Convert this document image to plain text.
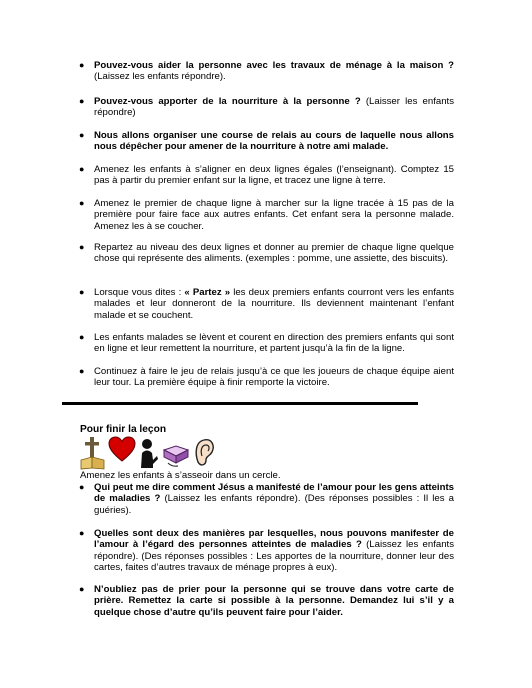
● Pouvez-vous aider la personne avec les travaux de ménage à la maison ? (Laissez les enfants répondre).
● Pouvez-vous apporter de la nourriture à la personne ? (Laisser les enfants répondre)
● Nous allons organiser une course de relais au cours de laquelle nous allons nous dépêcher pour amener de la nourriture à notre ami malade.
● Amenez les enfants à s’aligner en deux lignes égales (l’enseignant). Comptez 15 pas à partir du premier enfant sur la ligne, et tracez une ligne à terre.
● Amenez le premier de chaque ligne à marcher sur la ligne tracée à 15 pas de la première pour faire face aux autres enfants. Cet enfant sera la personne malade. Amenez les à se coucher.
● Repartez au niveau des deux lignes et donner au premier de chaque ligne quelque chose qui représente des aliments. (exemples : pomme, une assiette, des biscuits).
● Lorsque vous dites : « Partez » les deux premiers enfants courront vers les enfants malades et leur donneront de la nourriture. Ils deviennent maintenant l’enfant malade et se couchent.
● Les enfants malades se lèvent et courent en direction des premiers enfants qui sont en ligne et leur remettent la nourriture, et partent jusqu’à la fin de la ligne.
● Continuez à faire le jeu de relais jusqu’à ce que les joueurs de chaque équipe aient leur tour. La première équipe à finir remporte la victoire.
Pour finir la leçon
Amenez les enfants à s’asseoir dans un cercle.
● Qui peut me dire comment Jésus a manifesté de l’amour pour les gens atteints de maladies ? (Laissez les enfants répondre). (Des réponses possibles : Il les a guéries).
● Quelles sont deux des manières par lesquelles, nous pouvons manifester de l’amour à l’égard des personnes atteintes de maladies ? (Laissez les enfants répondre). (Des réponses possibles : Les apportes de la nourriture, donner leur des cartes, faites d’autres travaux de ménage propres à eux).
● N’oubliez pas de prier pour la personne qui se trouve dans votre carte de prière. Remettez la carte si possible à la personne. Demandez lui s’il y a quelque chose d’autre qu’ils peuvent faire pour l’aider.
